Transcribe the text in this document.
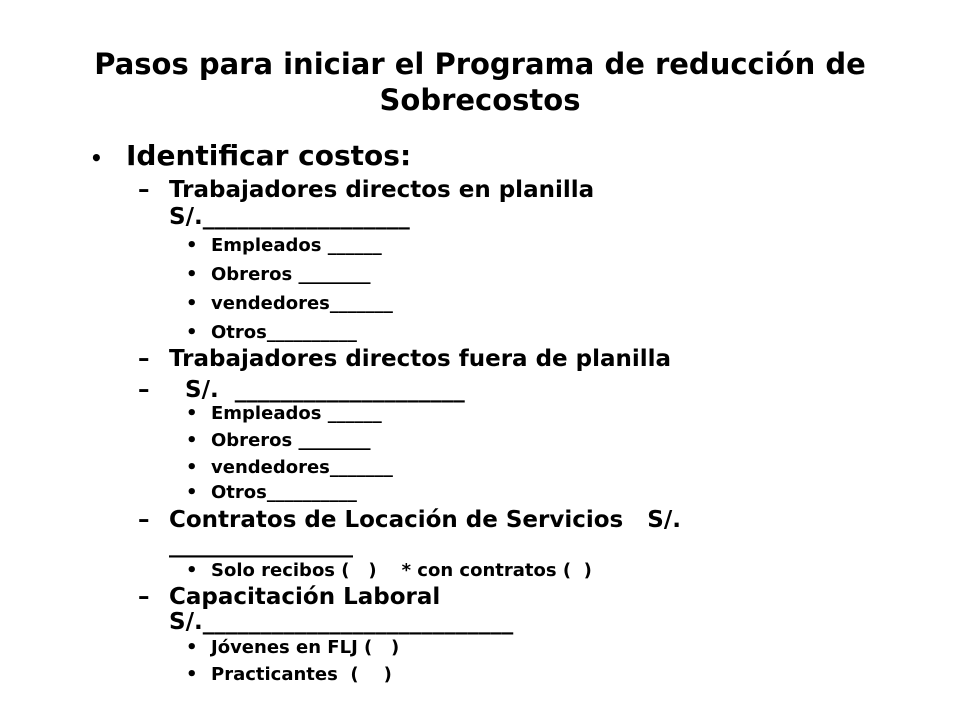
Pasos para iniciar el Programa de reducción de Sobrecostos
• Identificar costos:
– Trabajadores directos en planilla
S/.__________________
• Empleados ______
• Obreros ________
• vendedores_______
• Otros__________
– Trabajadores directos fuera de planilla
– S/.  ____________________
• Empleados ______
• Obreros ________
• vendedores_______
• Otros__________
– Contratos de Locación de Servicios   S/.
________________
• Solo recibos (   )    * con contratos (  )
– Capacitación Laboral
S/.___________________________
• Jóvenes en FLJ (   )
• Practicantes  (    )
